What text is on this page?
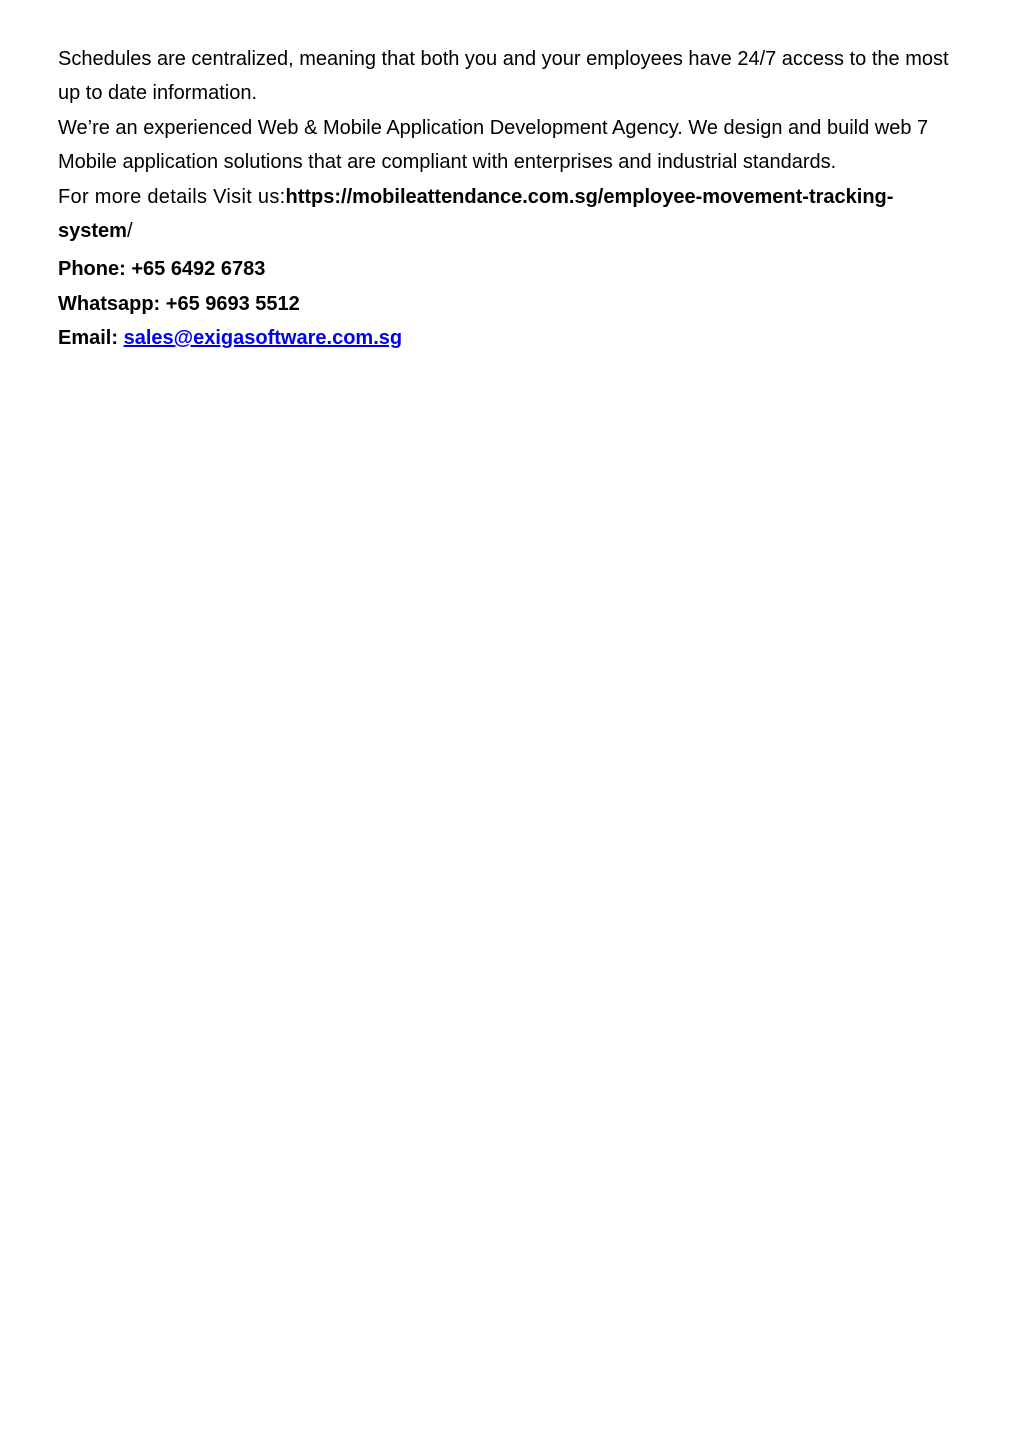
Schedules are centralized, meaning that both you and your employees have 24/7 access to the most up to date information.

We’re an experienced Web & Mobile Application Development Agency. We design and build web 7 Mobile application solutions that are compliant with enterprises and industrial standards.

For more details Visit us:https://mobileattendance.com.sg/employee-movement-tracking-system/

Phone: +65 6492 6783

Whatsapp: +65 9693 5512

Email: sales@exigasoftware.com.sg
